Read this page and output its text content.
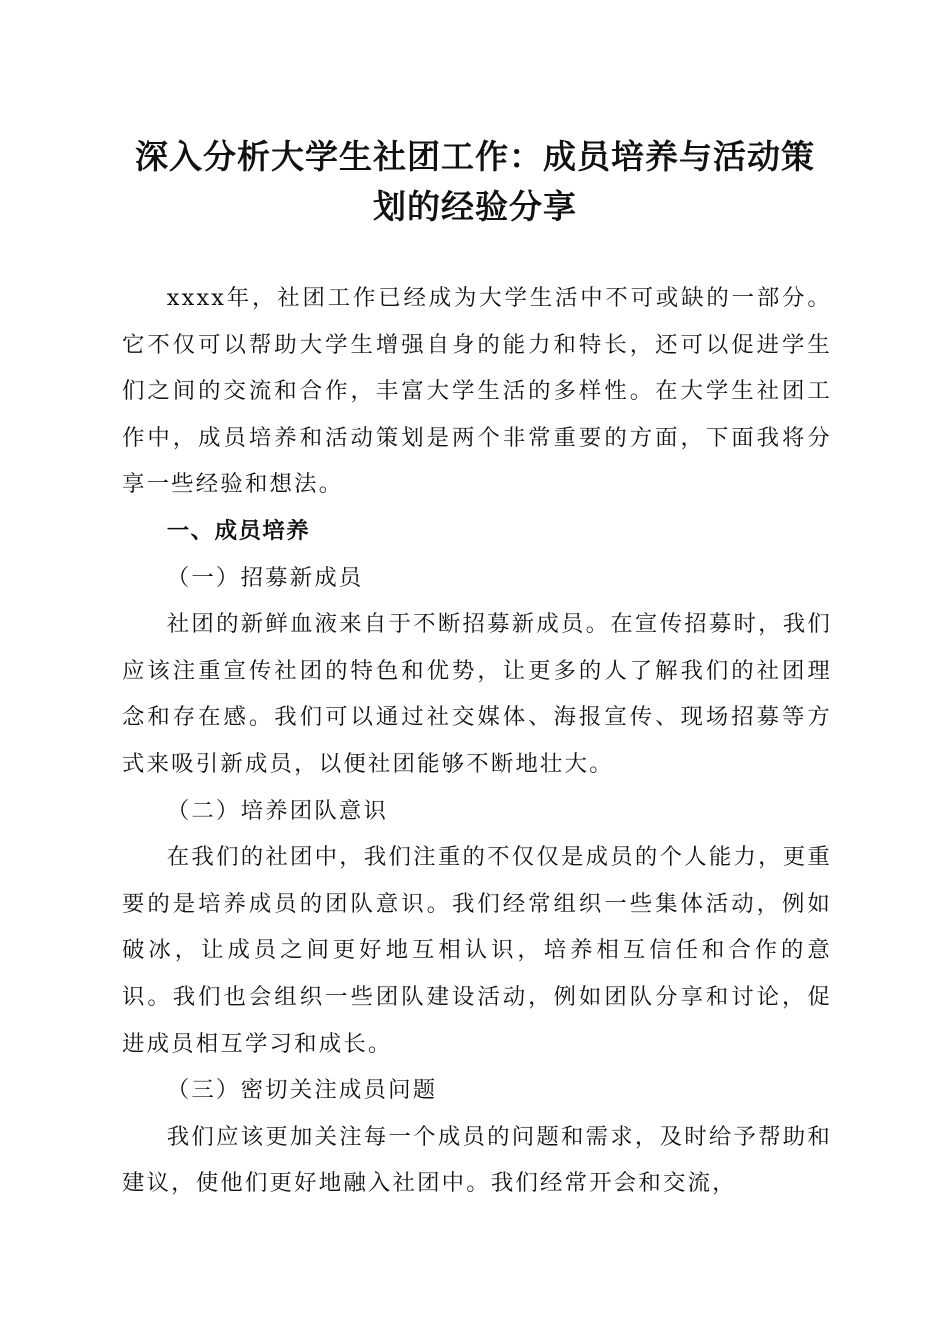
深入分析大学生社团工作：成员培养与活动策
划的经验分享

xxxx年，社团工作已经成为大学生活中不可或缺的一部分。它不仅可以帮助大学生增强自身的能力和特长，还可以促进学生们之间的交流和合作，丰富大学生活的多样性。在大学生社团工作中，成员培养和活动策划是两个非常重要的方面，下面我将分享一些经验和想法。

一、成员培养

（一）招募新成员

社团的新鲜血液来自于不断招募新成员。在宣传招募时，我们应该注重宣传社团的特色和优势，让更多的人了解我们的社团理念和存在感。我们可以通过社交媒体、海报宣传、现场招募等方式来吸引新成员，以便社团能够不断地壮大。

（二）培养团队意识

在我们的社团中，我们注重的不仅仅是成员的个人能力，更重要的是培养成员的团队意识。我们经常组织一些集体活动，例如破冰，让成员之间更好地互相认识，培养相互信任和合作的意识。我们也会组织一些团队建设活动，例如团队分享和讨论，促进成员相互学习和成长。

（三）密切关注成员问题

我们应该更加关注每一个成员的问题和需求，及时给予帮助和建议，使他们更好地融入社团中。我们经常开会和交流，
